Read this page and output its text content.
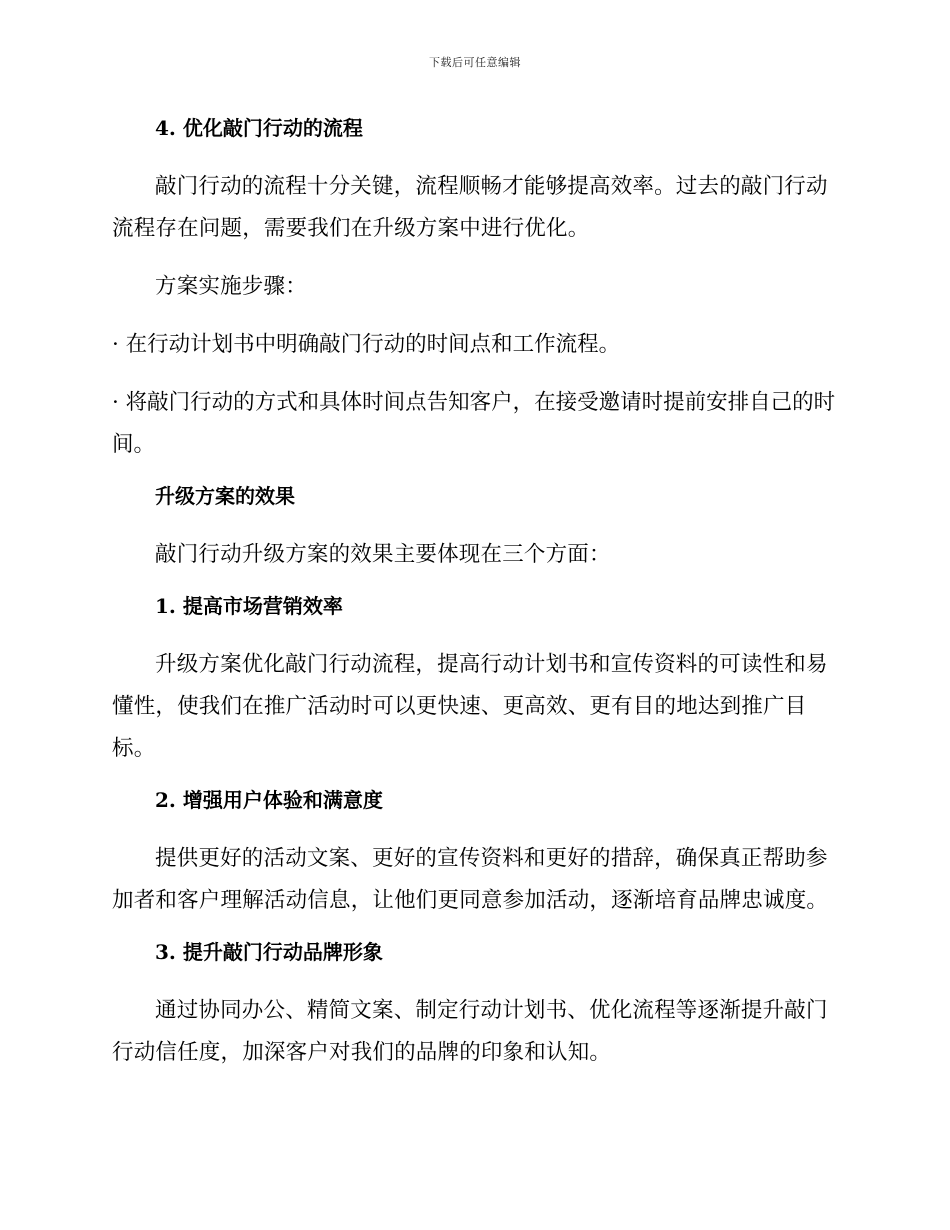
下载后可任意编辑
4. 优化敲门行动的流程

敲门行动的流程十分关键，流程顺畅才能够提高效率。过去的敲门行动流程存在问题，需要我们在升级方案中进行优化。

方案实施步骤：

· 在行动计划书中明确敲门行动的时间点和工作流程。

· 将敲门行动的方式和具体时间点告知客户，在接受邀请时提前安排自己的时间。

升级方案的效果

敲门行动升级方案的效果主要体现在三个方面：

1. 提高市场营销效率

升级方案优化敲门行动流程，提高行动计划书和宣传资料的可读性和易懂性，使我们在推广活动时可以更快速、更高效、更有目的地达到推广目标。

2. 增强用户体验和满意度

提供更好的活动文案、更好的宣传资料和更好的措辞，确保真正帮助参加者和客户理解活动信息，让他们更同意参加活动，逐渐培育品牌忠诚度。

3. 提升敲门行动品牌形象

通过协同办公、精简文案、制定行动计划书、优化流程等逐渐提升敲门行动信任度，加深客户对我们的品牌的印象和认知。
